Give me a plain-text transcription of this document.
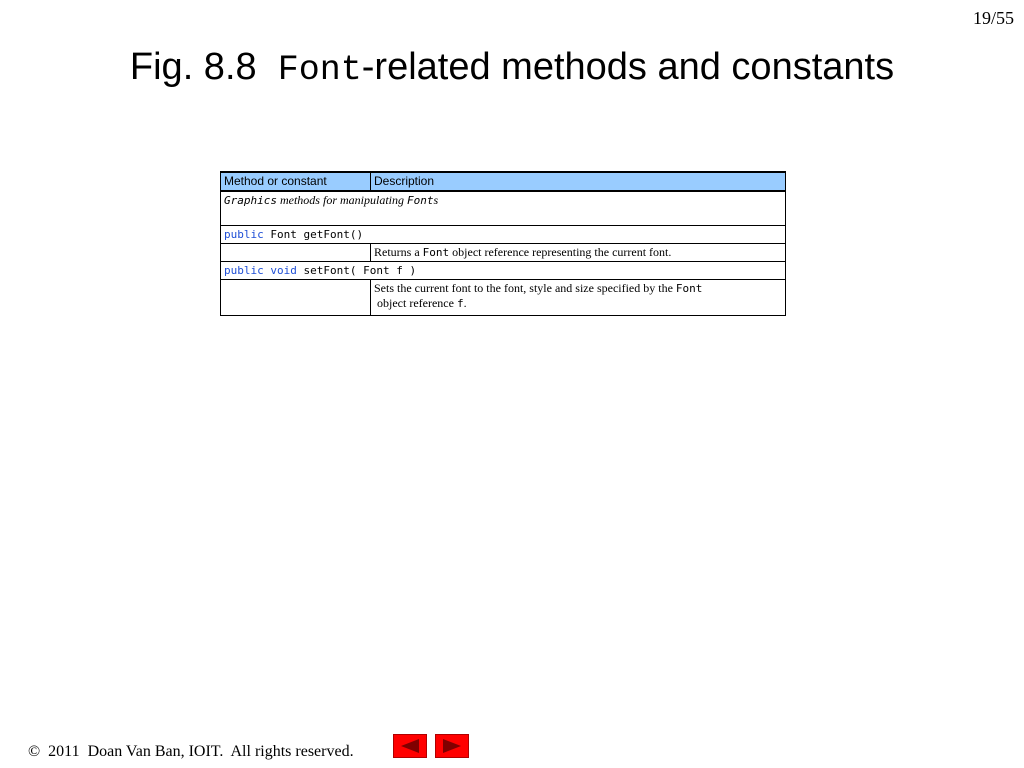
19/55
Fig. 8.8  Font-related methods and constants
Method or constant	Description
Graphics methods for manipulating Fonts	
public Font getFont()	
	Returns a Font object reference representing the current font.
public void setFont( Font f )	
	Sets the current font to the font, style and size specified by the Font object reference f.
©  2011  Doan Van Ban, IOIT.  All rights reserved.
